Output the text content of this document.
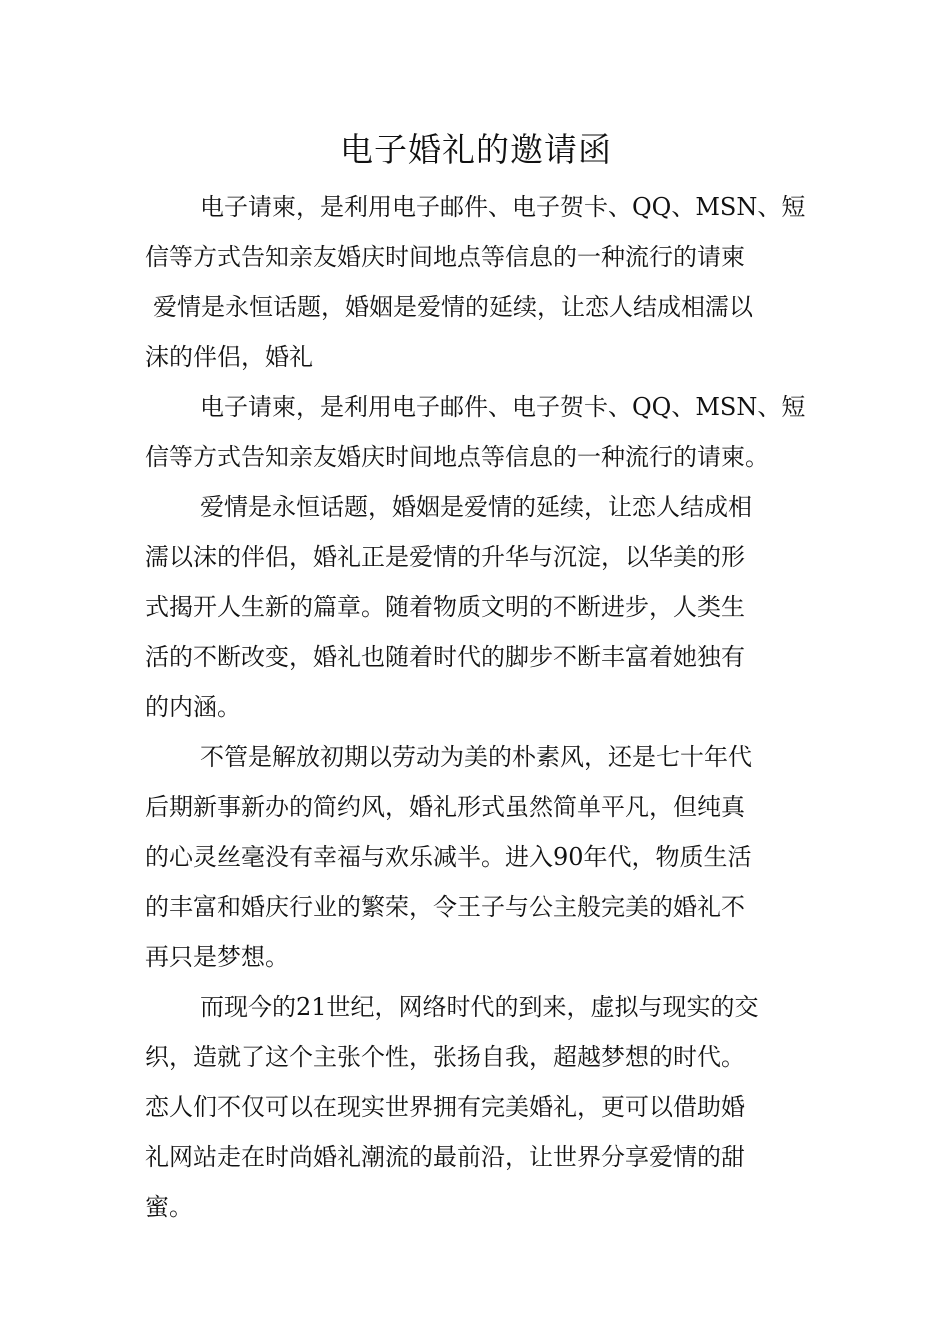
电子婚礼的邀请函
电子请柬，是利用电子邮件、电子贺卡、QQ、MSN、短
信等方式告知亲友婚庆时间地点等信息的一种流行的请柬
爱情是永恒话题，婚姻是爱情的延续，让恋人结成相濡以
沫的伴侣，婚礼
电子请柬，是利用电子邮件、电子贺卡、QQ、MSN、短
信等方式告知亲友婚庆时间地点等信息的一种流行的请柬。
爱情是永恒话题，婚姻是爱情的延续，让恋人结成相
濡以沫的伴侣，婚礼正是爱情的升华与沉淀，以华美的形
式揭开人生新的篇章。随着物质文明的不断进步，人类生
活的不断改变，婚礼也随着时代的脚步不断丰富着她独有
的内涵。
不管是解放初期以劳动为美的朴素风，还是七十年代
后期新事新办的简约风，婚礼形式虽然简单平凡，但纯真
的心灵丝毫没有幸福与欢乐减半。进入90年代，物质生活
的丰富和婚庆行业的繁荣，令王子与公主般完美的婚礼不
再只是梦想。
而现今的21世纪，网络时代的到来，虚拟与现实的交
织，造就了这个主张个性，张扬自我，超越梦想的时代。
恋人们不仅可以在现实世界拥有完美婚礼，更可以借助婚
礼网站走在时尚婚礼潮流的最前沿，让世界分享爱情的甜
蜜。
